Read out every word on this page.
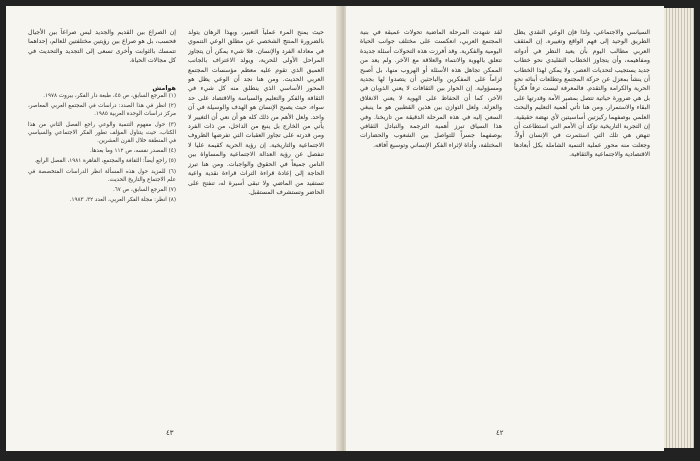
حيث يمنح المرء عملياً التعبير، وبهذا الرهان يتولد بالضرورة المنتج الشخصي عن مطلق الوعي التنموي في معادلة الفرد والإنسان. فلا شيء يمكن أن يتجاوز المراحل الأولى للحرية، ويولد الاعتراف بالجانب العميق الذي تقوم عليه معظم مؤسسات المجتمع العربي الحديث. ومن هنا نجد أن الوعي يظل هو المحور الأساسي الذي ينطلق منه كل شيء في الثقافة والفكر والتعليم والسياسة والاقتصاد على حد سواء، حيث يصبح الإنسان هو الهدف والوسيلة في آن واحد. ولعل الأهم من ذلك كله هو أن نعي أن التغيير لا يأتي من الخارج بل ينبع من الداخل، من ذات الفرد ومن قدرته على تجاوز العقبات التي تفرضها الظروف الاجتماعية والتاريخية. إن رؤية الحرية كقيمة عليا لا تنفصل عن رؤية العدالة الاجتماعية والمساواة بين الناس جميعاً في الحقوق والواجبات. ومن هنا تبرز الحاجة إلى إعادة قراءة التراث قراءة نقدية واعية تستفيد من الماضي ولا تبقى أسيرة له، تنفتح على الحاضر وتستشرف المستقبل.

إن الصراع بين القديم والجديد ليس صراعاً بين الأجيال فحسب، بل هو صراع بين رؤيتين مختلفتين للعالم، إحداهما تتمسك بالثوابت وأخرى تسعى إلى التجديد والتحديث في كل مجالات الحياة.

هوامش

(١) المرجع السابق، ص ٤٥، طبعة دار الفكر، بيروت ١٩٧٨.

(٢) انظر في هذا الصدد: دراسات في المجتمع العربي المعاصر، مركز دراسات الوحدة العربية ١٩٨٥.

(٣) حول مفهوم التنمية والوعي راجع الفصل الثاني من هذا الكتاب، حيث يتناول المؤلف تطور الفكر الاجتماعي والسياسي في المنطقة خلال القرن العشرين.

(٤) المصدر نفسه، ص ١١٢ وما بعدها.

(٥) راجع أيضاً: الثقافة والمجتمع، القاهرة ١٩٨١، الفصل الرابع.

(٦) للمزيد حول هذه المسألة انظر الدراسات المتخصصة في علم الاجتماع والتاريخ الحديث.

(٧) المرجع السابق، ص ٦٧.

(٨) انظر: مجلة الفكر العربي، العدد ٣٢، ١٩٨٣.

٤٣

السياسي والاجتماعي، ولذا فإن الوعي النقدي يظل الطريق الوحيد إلى فهم الواقع وتغييره. إن المثقف العربي مطالب اليوم بأن يعيد النظر في أدواته ومفاهيمه، وأن يتجاوز الخطاب التقليدي نحو خطاب جديد يستجيب لتحديات العصر. ولا يمكن لهذا الخطاب أن ينشأ بمعزل عن حركة المجتمع وتطلعات أبنائه نحو الحرية والكرامة والتقدم. فالمعرفة ليست ترفاً فكرياً بل هي ضرورة حياتية تتصل بمصير الأمة وقدرتها على البقاء والاستمرار. ومن هنا تأتي أهمية التعليم والبحث العلمي بوصفهما ركيزتين أساسيتين لأي نهضة حقيقية. إن التجربة التاريخية تؤكد أن الأمم التي استطاعت أن تنهض هي تلك التي استثمرت في الإنسان أولاً، وجعلت منه محور عملية التنمية الشاملة بكل أبعادها الاقتصادية والاجتماعية والثقافية.

لقد شهدت المرحلة الماضية تحولات عميقة في بنية المجتمع العربي، انعكست على مختلف جوانب الحياة اليومية والفكرية. وقد أفرزت هذه التحولات أسئلة جديدة تتعلق بالهوية والانتماء والعلاقة مع الآخر. ولم يعد من الممكن تجاهل هذه الأسئلة أو الهروب منها، بل أصبح لزاماً على المفكرين والباحثين أن يتصدوا لها بجدية ومسؤولية. إن الحوار بين الثقافات لا يعني الذوبان في الآخر، كما أن الحفاظ على الهوية لا يعني الانغلاق والعزلة. ولعل التوازن بين هذين القطبين هو ما ينبغي السعي إليه في هذه المرحلة الدقيقة من تاريخنا. وفي هذا السياق تبرز أهمية الترجمة والتبادل الثقافي بوصفهما جسراً للتواصل بين الشعوب والحضارات المختلفة، وأداة لإثراء الفكر الإنساني وتوسيع آفاقه.

٤٢
